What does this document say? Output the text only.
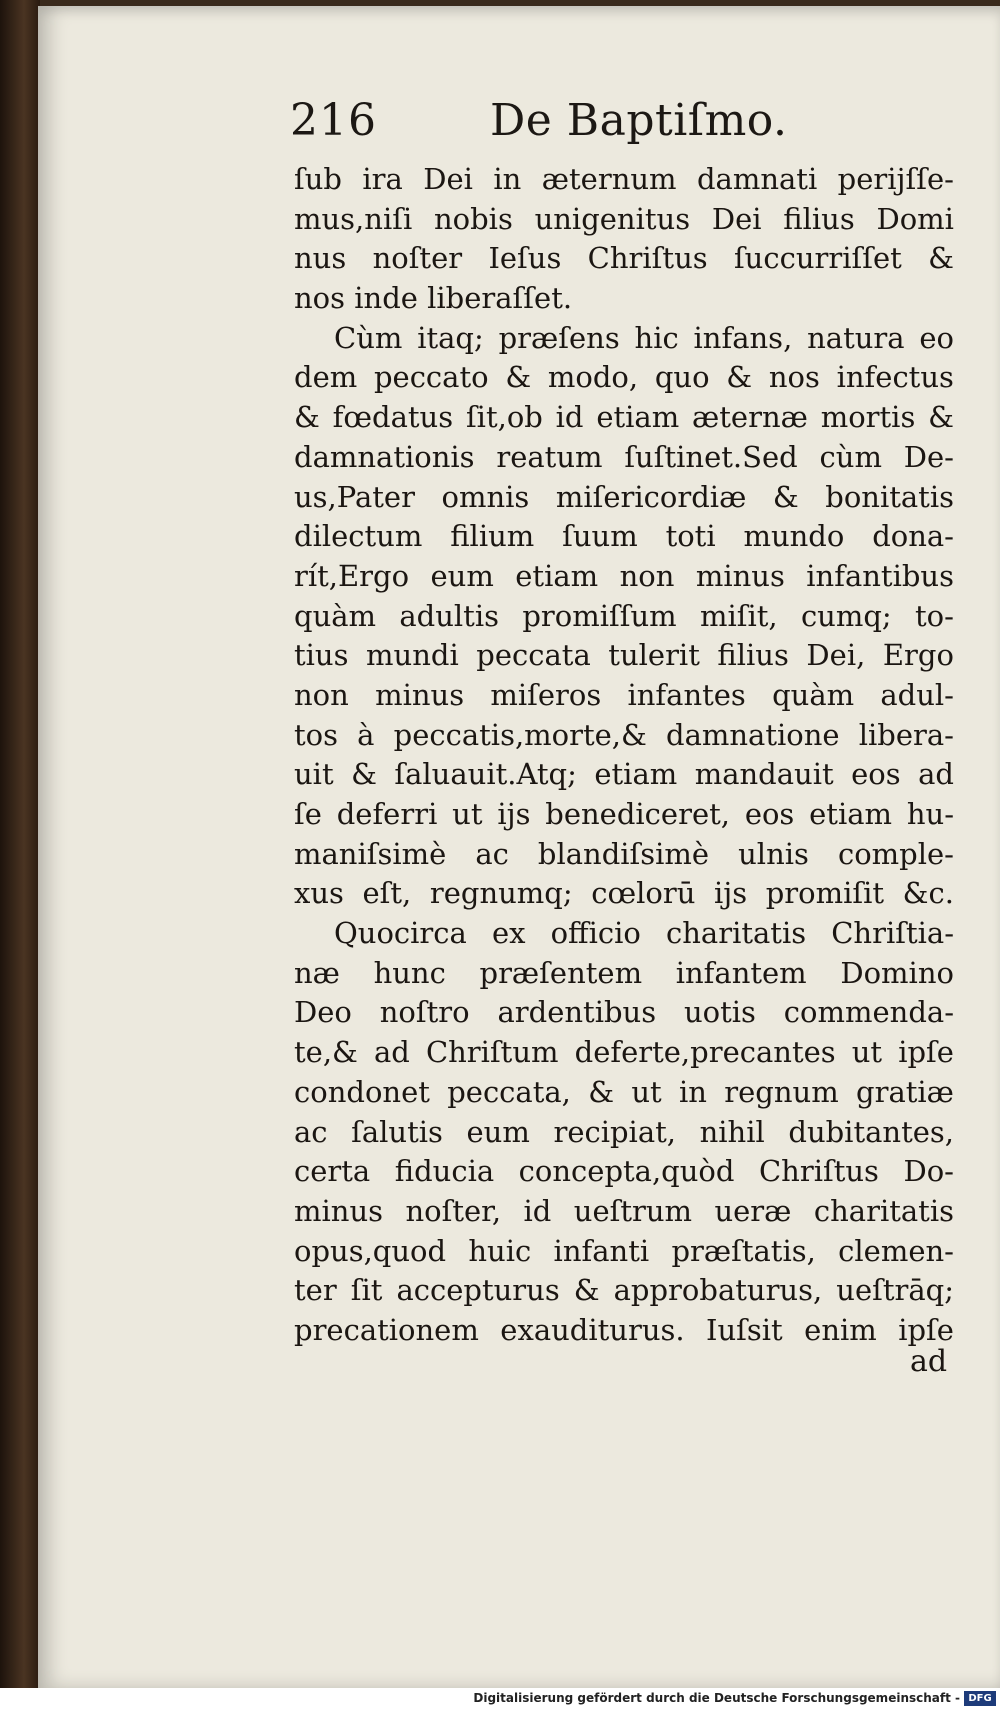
216	De Baptiſmo.
ſub ira Dei in æternum damnati perijſſe-
mus,niſi nobis unigenitus Dei filius Domi
nus noſter Ieſus Chriſtus ſuccurriſſet &
nos inde liberaſſet.
Cùm itaq; præſens hic infans, natura eo
dem peccato & modo, quo & nos infectus
& fœdatus ſit,ob id etiam æternæ mortis &
damnationis reatum ſuſtinet.Sed cùm De-
us,Pater omnis miſericordiæ & bonitatis
dilectum filium ſuum toti mundo dona-
rít,Ergo eum etiam non minus infantibus
quàm adultis promiſſum miſit, cumq; to-
tius mundi peccata tulerit filius Dei, Ergo
non minus miſeros infantes quàm adul-
tos à peccatis,morte,& damnatione libera-
uit & ſaluauit.Atq; etiam mandauit eos ad
ſe deferri ut ijs benediceret, eos etiam hu-
maniſsimè ac blandiſsimè ulnis comple-
xus eſt, regnumq; cœlorū ijs promiſit &c.
Quocirca ex officio charitatis Chriſtia-
næ hunc præſentem infantem Domino
Deo noſtro ardentibus uotis commenda-
te,& ad Chriſtum deferte,precantes ut ipſe
condonet peccata, & ut in regnum gratiæ
ac ſalutis eum recipiat, nihil dubitantes,
certa fiducia concepta,quòd Chriſtus Do-
minus noſter, id ueſtrum ueræ charitatis
opus,quod huic infanti præſtatis, clemen-
ter ſit accepturus & approbaturus, ueſtrāq;
precationem exauditurus. Iuſsit enim ipſe
ad
Digitalisierung gefördert durch die Deutsche Forschungsgemeinschaft - DFG
